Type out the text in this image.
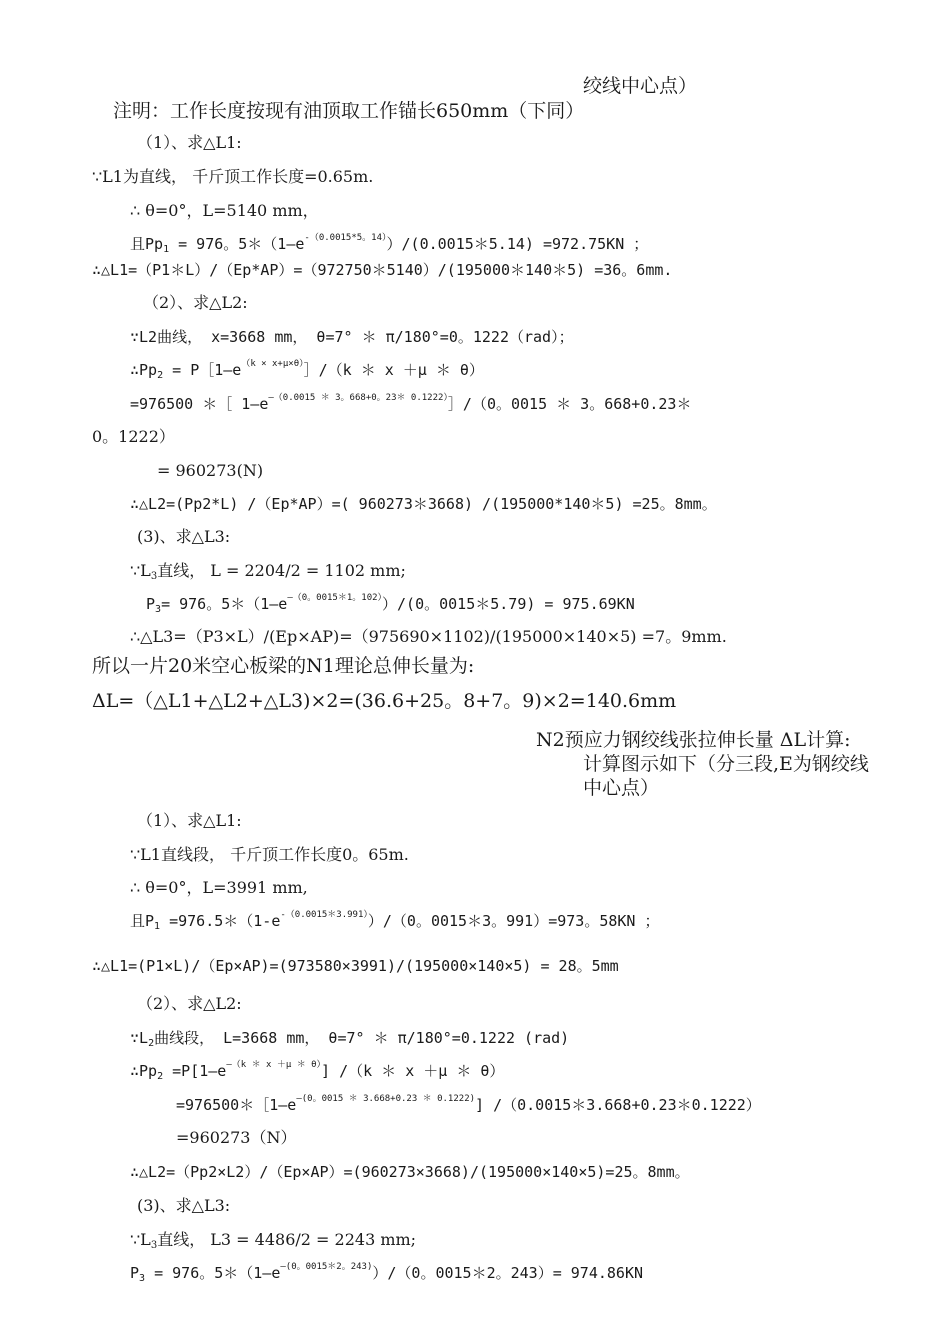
绞线中心点）
注明：工作长度按现有油顶取工作锚长650mm（下同）
（1）、求△L1:
∵L1为直线， 千斤顶工作长度=0.65m.
∴ θ=0°，L=5140 mm，
且$Pp_1 = 976$。$5*(1—e^{-(0.0015*5。14)})/(0.0015*5.14) =972.75KN$ ；
∴△L1=（P1＊L）/（Ep*AP）=（972750＊5140）/(195000＊140＊5) =36。6mm.
（2）、求△L2:
∵L2曲线， x=3668 mm， θ=7° ＊ π/180°=0。1222（rad）；
$\therefore Pp_2$ = $P[1—e^{(k \times x+\mu\times\theta)}]/(k$ ＊ x ＋μ ＊ θ）
=976500 ＊［ $1—e^{—(0.0015 * 3。668+0。23* 0.1222)}]/(0$。0015 ＊ 3。668+0.23＊
0。1222）
= 960273(N)
∴△L2=(Pp2*L) /（Ep*AP）=( 960273＊3668) /(195000*140＊5) =25。8mm。
(3)、求△L3:
$\because L_3$直线， L = 2204/2 = 1102 mm;
$P_3= 976$。$5*(1—e^{—(0。0015*1。102)})/(0$。0015＊5.79) = 975.69KN
∴△L3=（P3×L）/(Ep×AP)=（975690×1102)/(195000×140×5) =7。9mm.
所以一片20米空心板梁的N1理论总伸长量为:
ΔL=（△L1+△L2+△L3)×2=(36.6+25。8+7。9)×2=140.6mm
N2预应力钢绞线张拉伸长量 ΔL计算:
计算图示如下（分三段,E为钢绞线
中心点）
（1）、求△L1:
∵L1直线段， 千斤顶工作长度0。65m.
∴ θ=0°，L=3991 mm,
且$P_1$ $=976.5*(1-e^{-(0.0015*3.991)})/(0$。0015＊3。991）=973。58KN ；
∴△L1=(P1×L)/（Ep×AP)=(973580×3991)/(195000×140×5) = 28。5mm
（2）、求△L2:
$\because L_2$曲线段， L=3668 mm， θ=7° ＊ π/180°=0.1222 (rad)
$\therefore Pp_2$ $=P[1—e^{—(k * x +\mu * \theta)}]$ /（k ＊ x ＋μ ＊ θ）
$=976500*[1—e^{—(0。0015 * 3.668+0.23 * 0.1222)}$] /（0.0015＊3.668+0.23＊0.1222）
=960273（N）
∴△L2=（Pp2×L2）/（Ep×AP）=(960273×3668)/(195000×140×5)=25。8mm。
(3)、求△L3:
$\because L_3$直线， L3 = 4486/2 = 2243 mm;
$P_3 = 976$。$5*(1—e^{—(0。0015*2。243)})/(0$。0015＊2。243）= 974.86KN
